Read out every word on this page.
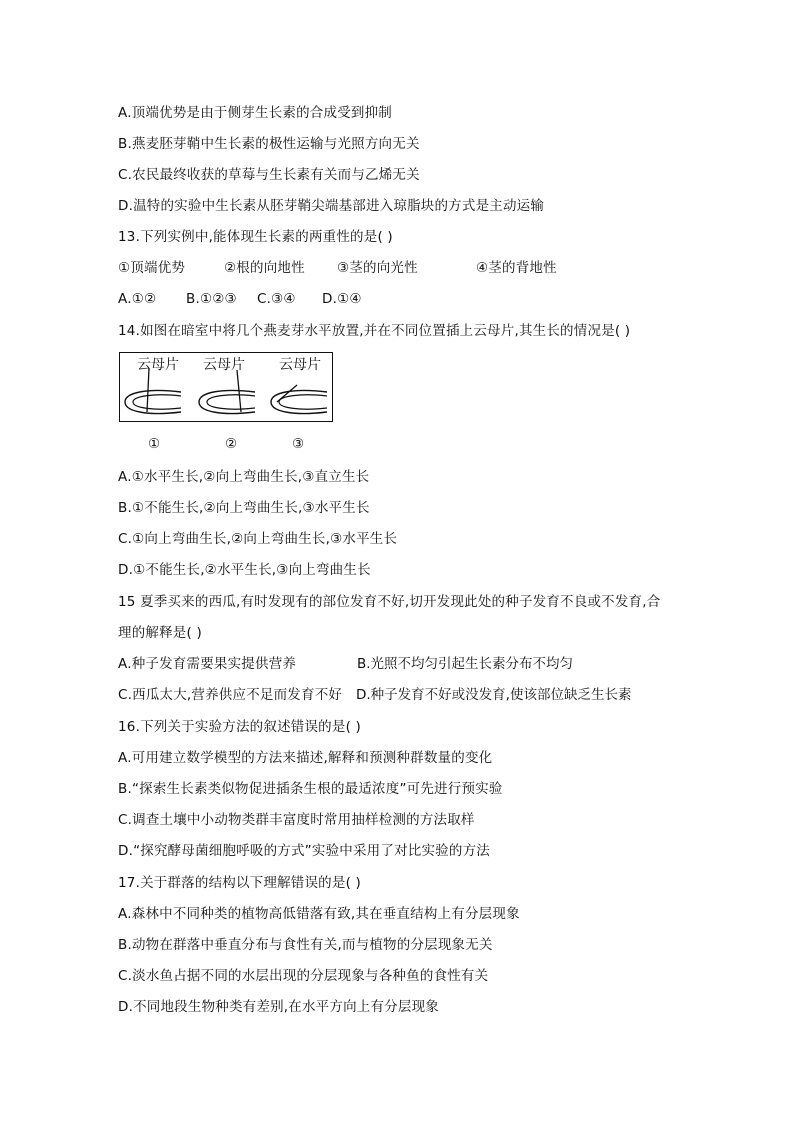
A.顶端优势是由于侧芽生长素的合成受到抑制
B.燕麦胚芽鞘中生长素的极性运输与光照方向无关
C.农民最终收获的草莓与生长素有关而与乙烯无关
D.温特的实验中生长素从胚芽鞘尖端基部进入琼脂块的方式是主动运输
13.下列实例中,能体现生长素的两重性的是( )
①顶端优势	②根的向地性 ③茎的向光性	④茎的背地性
A.①② B.①②③ C.③④ D.①④
14.如图在暗室中将几个燕麦芽水平放置,并在不同位置插上云母片,其生长的情况是( )
云母片 云母片 云母片
①	②	③
A.①水平生长,②向上弯曲生长,③直立生长
B.①不能生长,②向上弯曲生长,③水平生长
C.①向上弯曲生长,②向上弯曲生长,③水平生长
D.①不能生长,②水平生长,③向上弯曲生长
15 夏季买来的西瓜,有时发现有的部位发育不好,切开发现此处的种子发育不良或不发育,合
理的解释是( )
A.种子发育需要果实提供营养	B.光照不均匀引起生长素分布不均匀
C.西瓜太大,营养供应不足而发育不好 D.种子发育不好或没发育,使该部位缺乏生长素
16.下列关于实验方法的叙述错误的是( )
A.可用建立数学模型的方法来描述,解释和预测种群数量的变化
B.“探索生长素类似物促进插条生根的最适浓度”可先进行预实验
C.调查土壤中小动物类群丰富度时常用抽样检测的方法取样
D.“探究酵母菌细胞呼吸的方式”实验中采用了对比实验的方法
17.关于群落的结构以下理解错误的是( )
A.森林中不同种类的植物高低错落有致,其在垂直结构上有分层现象
B.动物在群落中垂直分布与食性有关,而与植物的分层现象无关
C.淡水鱼占据不同的水层出现的分层现象与各种鱼的食性有关
D.不同地段生物种类有差别,在水平方向上有分层现象
